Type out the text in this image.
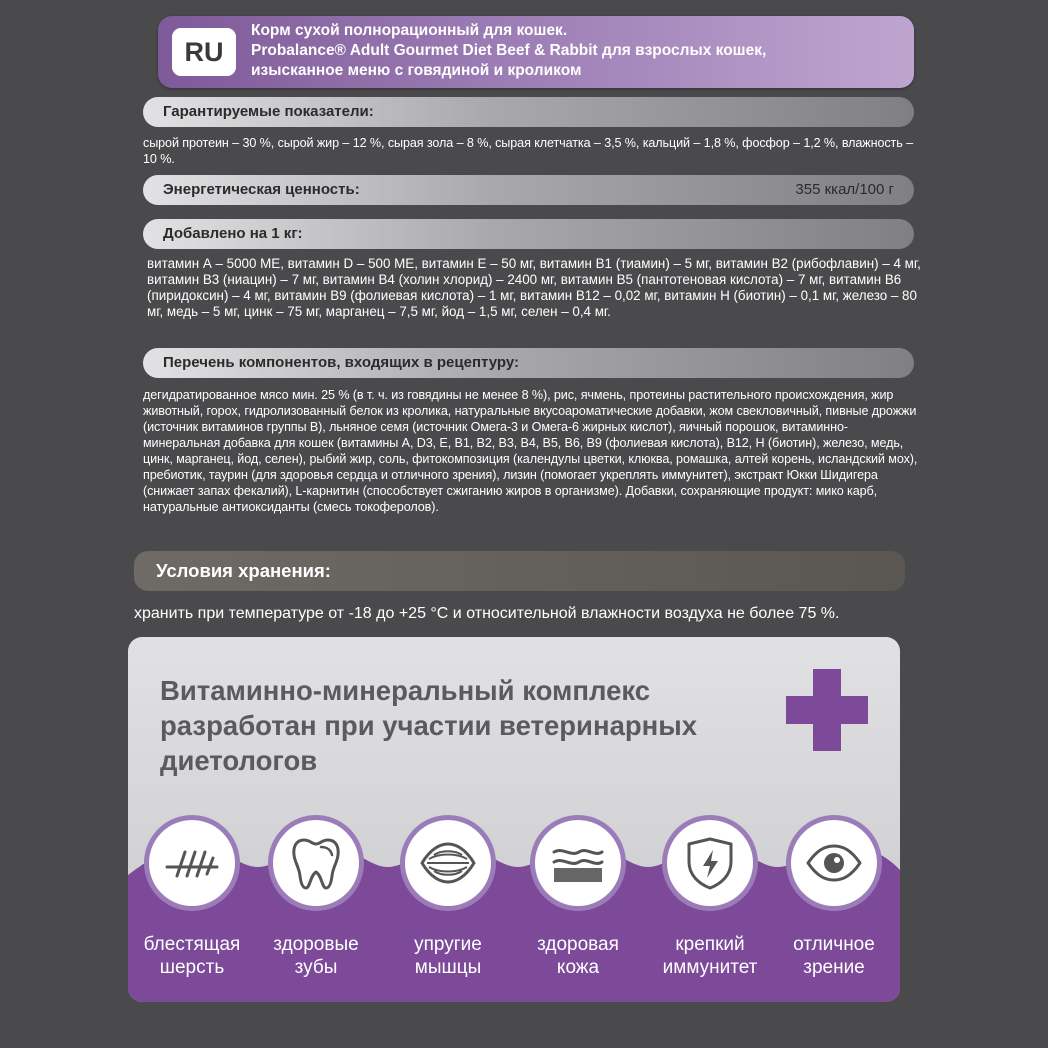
RU
Корм сухой полнорационный для кошек.
Probalance® Adult Gourmet Diet Beef & Rabbit для взрослых кошек,
изысканное меню с говядиной и кроликом
Гарантируемые показатели:
сырой протеин – 30 %, сырой жир – 12 %, сырая зола – 8 %, сырая клетчатка – 3,5 %, кальций – 1,8 %, фосфор – 1,2 %, влажность – 10 %.
Энергетическая ценность:	355 ккал/100 г
Добавлено на 1 кг:
витамин А – 5000 МЕ, витамин D – 500 МЕ, витамин Е – 50 мг, витамин В1 (тиамин) – 5 мг, витамин В2 (рибофлавин) – 4 мг, витамин В3 (ниацин) – 7 мг, витамин В4 (холин хлорид) – 2400 мг, витамин В5 (пантотеновая кислота) – 7 мг, витамин В6 (пиридоксин) – 4 мг, витамин В9 (фолиевая кислота) – 1 мг, витамин В12 – 0,02 мг, витамин Н (биотин) – 0,1 мг, железо – 80 мг, медь – 5 мг, цинк – 75 мг, марганец – 7,5 мг, йод – 1,5 мг, селен – 0,4 мг.
Перечень компонентов, входящих в рецептуру:
дегидратированное мясо мин. 25 % (в т. ч. из говядины не менее 8 %), рис, ячмень, протеины растительного происхождения, жир животный, горох, гидролизованный белок из кролика, натуральные вкусоароматические добавки, жом свекловичный, пивные дрожжи (источник витаминов группы В), льняное семя (источник Омега-3 и Омега-6 жирных кислот), яичный порошок, витаминно-минеральная добавка для кошек (витамины А, D3, E, B1, B2, B3, B4, B5, B6, B9 (фолиевая кислота), B12, H (биотин), железо, медь, цинк, марганец, йод, селен), рыбий жир, соль, фитокомпозиция (календулы цветки, клюква, ромашка, алтей корень, исландский мох), пребиотик, таурин (для здоровья сердца и отличного зрения), лизин (помогает укреплять иммунитет), экстракт Юкки Шидигера (снижает запах фекалий), L-карнитин (способствует сжиганию жиров в организме). Добавки, сохраняющие продукт: мико карб, натуральные антиоксиданты (смесь токоферолов).
Условия хранения:
хранить при температуре от -18 до +25 °C и относительной влажности воздуха не более 75 %.
Витаминно-минеральный комплекс разработан при участии ветеринарных диетологов
блестящая
шерсть
здоровые
зубы
упругие
мышцы
здоровая
кожа
крепкий
иммунитет
отличное
зрение
